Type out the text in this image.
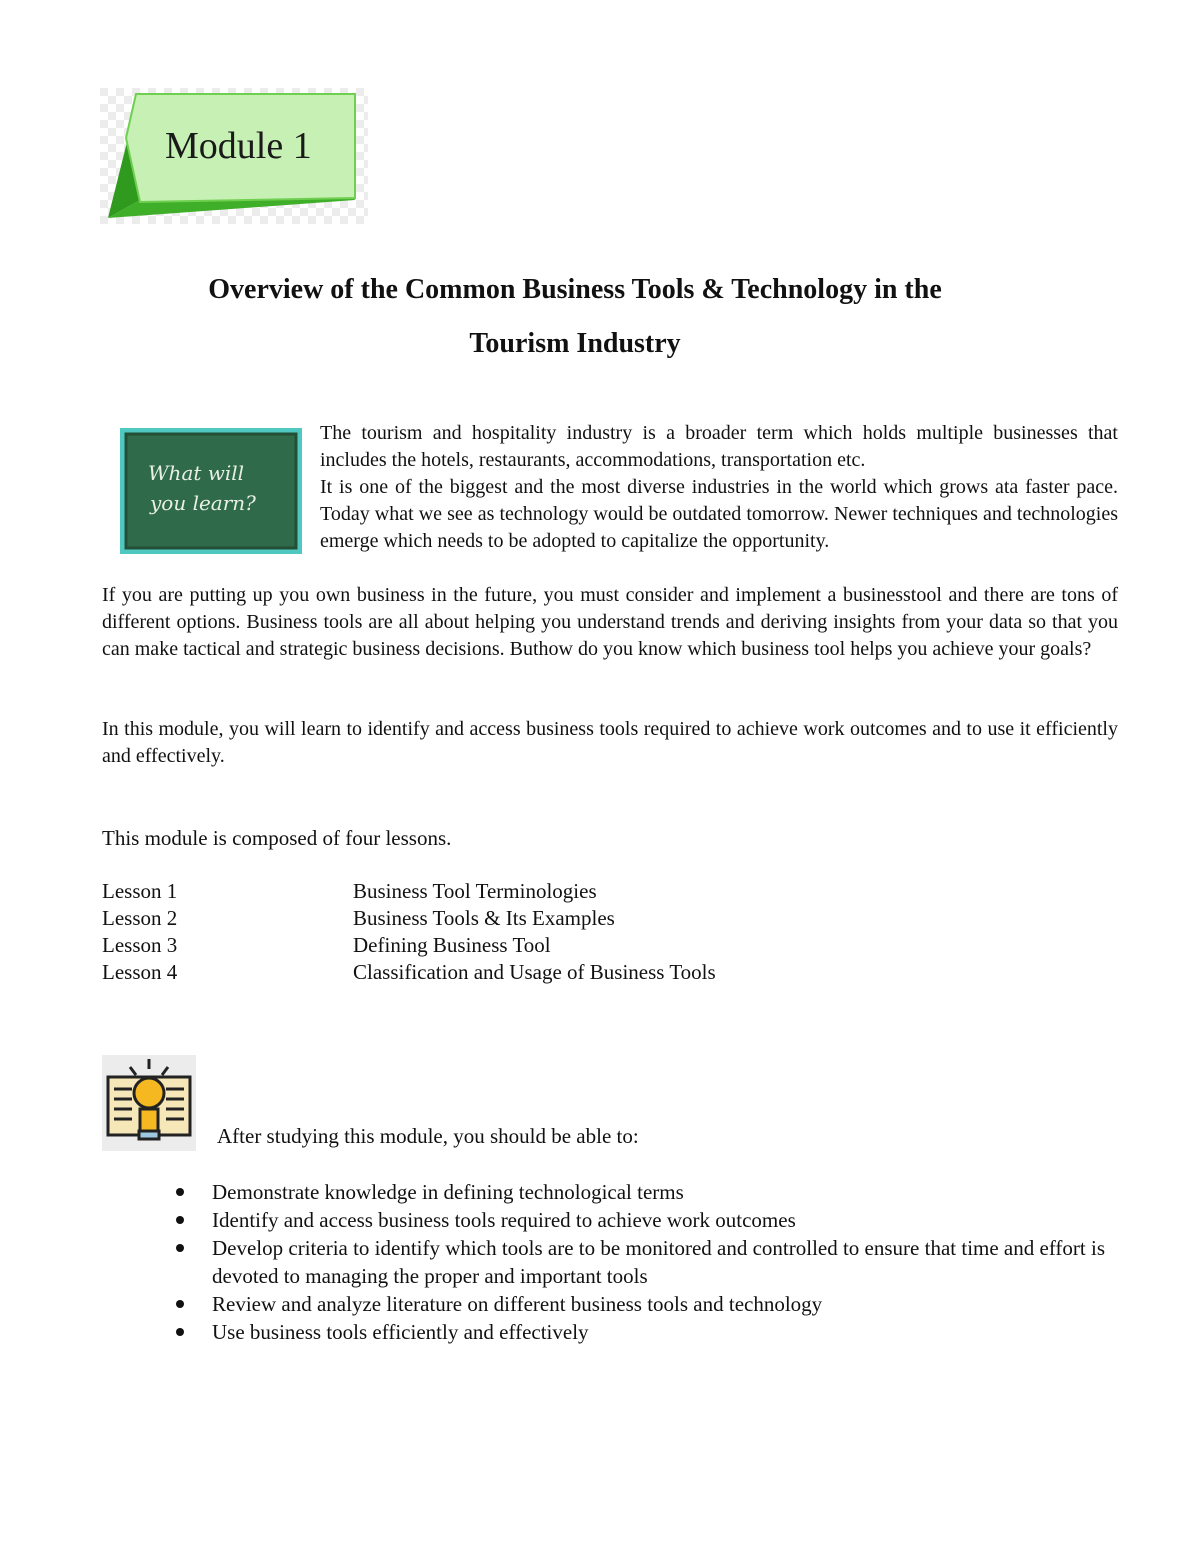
Module 1
Overview of the Common Business Tools & Technology in the
Tourism Industry
What will
you learn?

The tourism and hospitality industry is a broader term which holds multiple businesses that includes the hotels, restaurants, accommodations, transportation etc.

It is one of the biggest and the most diverse industries in the world which grows ata faster pace. Today what we see as technology would be outdated tomorrow. Newer techniques and technologies emerge which needs to be adopted to capitalize the opportunity.

If you are putting up you own business in the future, you must consider and implement a businesstool and there are tons of different options. Business tools are all about helping you understand trends and deriving insights from your data so that you can make tactical and strategic business decisions. Buthow do you know which business tool helps you achieve your goals?

In this module, you will learn to identify and access business tools required to achieve work outcomes and to use it efficiently and effectively.

This module is composed of four lessons.
Lesson 1	Business Tool Terminologies
Lesson 2	Business Tools & Its Examples
Lesson 3	Defining Business Tool
Lesson 4	Classification and Usage of Business Tools
After studying this module, you should be able to:
Demonstrate knowledge in defining technological terms
Identify and access business tools required to achieve work outcomes
Develop criteria to identify which tools are to be monitored and controlled to ensure that time and effort is devoted to managing the proper and important tools
Review and analyze literature on different business tools and technology
Use business tools efficiently and effectively
